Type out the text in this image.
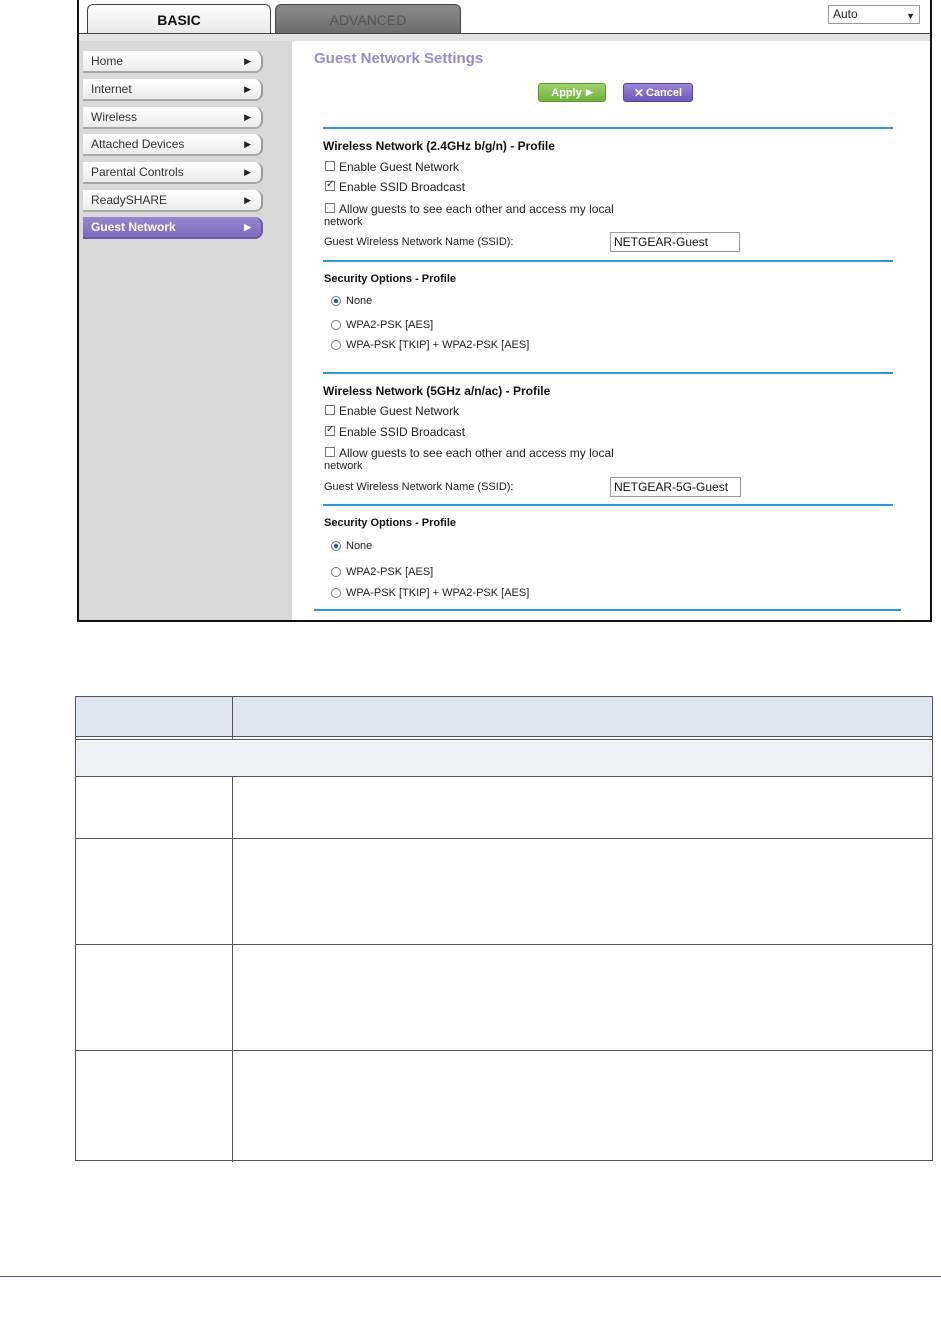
BASIC	ADVANCED	Auto	▼
Home	▶
Internet	▶
Wireless	▶
Attached Devices	▶
Parental Controls	▶
ReadySHARE	▶
Guest Network	▶
Guest Network Settings
Apply ▶	✕ Cancel
Wireless Network (2.4GHz b/g/n) - Profile
Enable Guest Network
✓
Enable SSID Broadcast
Allow guests to see each other and access my local
network
Guest Wireless Network Name (SSID):
NETGEAR-Guest
Security Options - Profile
None
WPA2-PSK [AES]
WPA-PSK [TKIP] + WPA2-PSK [AES]
Wireless Network (5GHz a/n/ac) - Profile
Enable Guest Network
✓
Enable SSID Broadcast
Allow guests to see each other and access my local
network
Guest Wireless Network Name (SSID):
NETGEAR-5G-Guest
Security Options - Profile
None
WPA2-PSK [AES]
WPA-PSK [TKIP] + WPA2-PSK [AES]
